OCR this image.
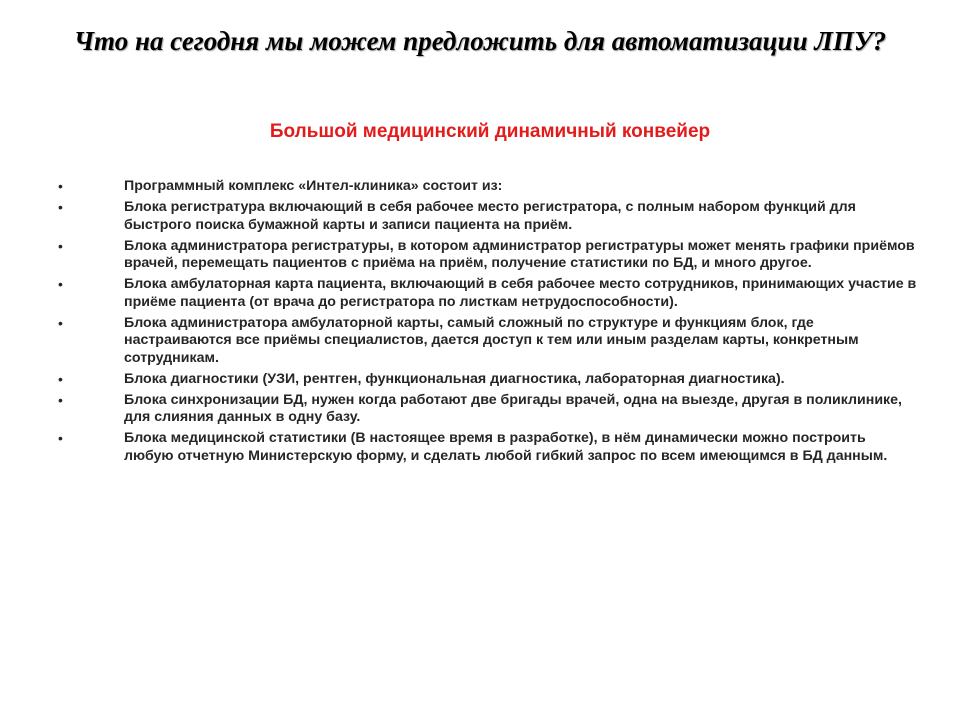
Что на сегодня мы можем предложить для автоматизации ЛПУ?
Большой медицинский динамичный конвейер
•	Программный комплекс «Интел-клиника» состоит из:
•	Блока регистратура включающий в себя рабочее место регистратора, с полным набором функций для быстрого поиска бумажной карты и записи пациента на приём.
•	Блока администратора регистратуры, в котором администратор регистратуры может менять графики приёмов врачей, перемещать пациентов с приёма на приём, получение статистики по БД, и много другое.
•	Блока амбулаторная карта пациента, включающий в себя рабочее место сотрудников, принимающих участие в приёме пациента (от врача до регистратора по листкам нетрудоспособности).
•	Блока администратора амбулаторной карты, самый сложный по структуре и функциям блок, где настраиваются все приёмы специалистов, дается доступ к тем или иным разделам карты, конкретным сотрудникам.
•	Блока диагностики (УЗИ, рентген, функциональная диагностика, лабораторная диагностика).
•	Блока синхронизации БД, нужен когда работают две бригады врачей, одна на выезде, другая в поликлинике, для слияния данных в одну базу.
•	Блока медицинской статистики (В настоящее время в разработке), в нём динамически можно построить любую отчетную Министерскую форму, и сделать любой гибкий запрос по всем имеющимся в БД данным.
